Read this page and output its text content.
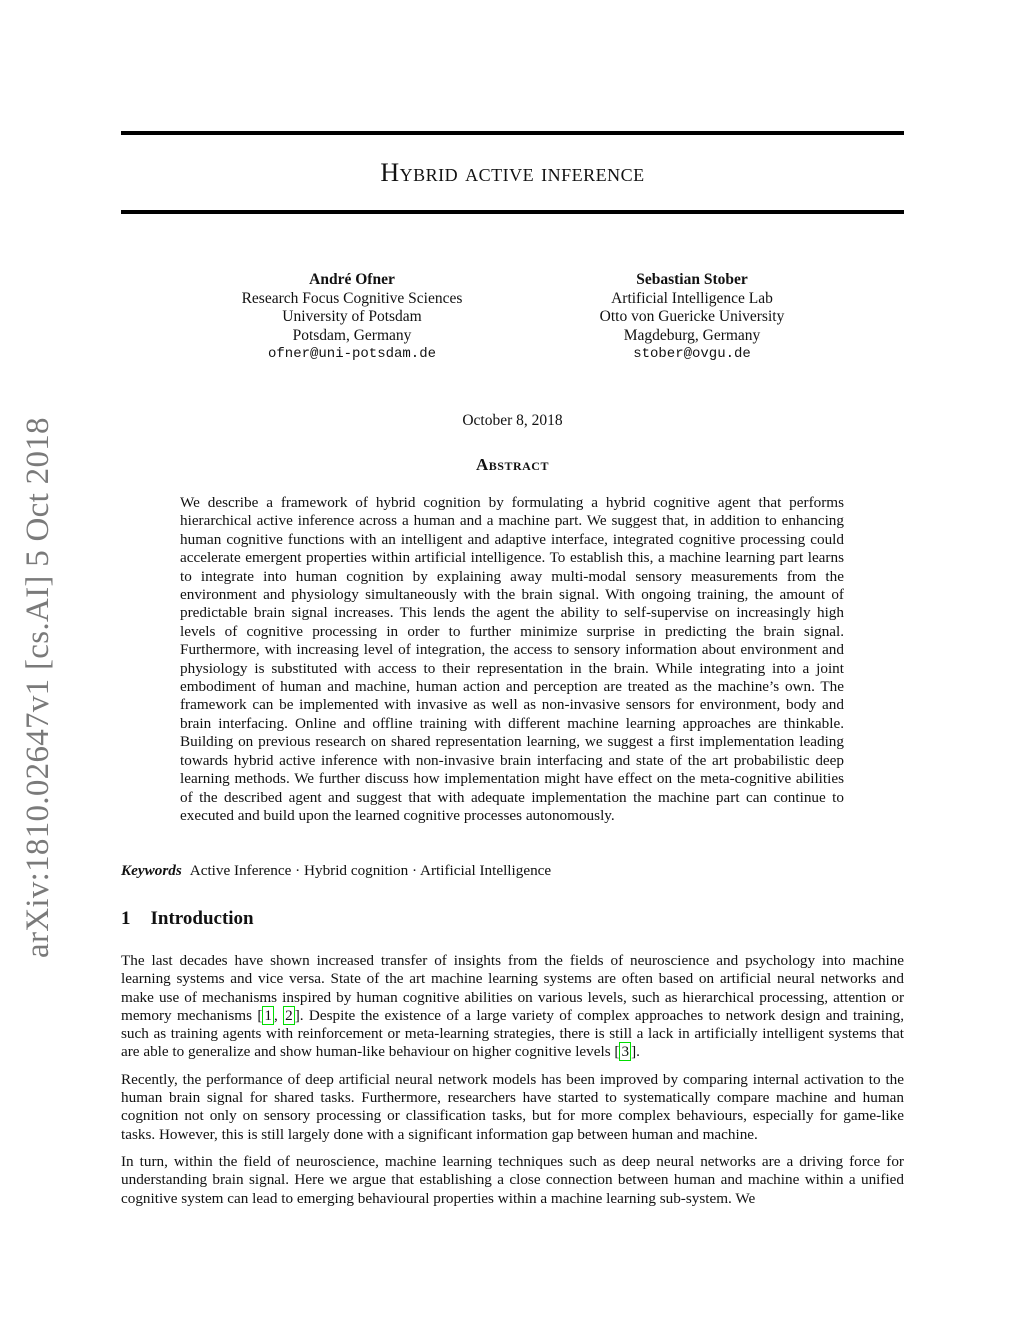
arXiv:1810.02647v1 [cs.AI] 5 Oct 2018
Hybrid active inference
André Ofner
Research Focus Cognitive Sciences
University of Potsdam
Potsdam, Germany
ofner@uni-potsdam.de
Sebastian Stober
Artificial Intelligence Lab
Otto von Guericke University
Magdeburg, Germany
stober@ovgu.de
October 8, 2018
Abstract
We describe a framework of hybrid cognition by formulating a hybrid cognitive agent that performs hierarchical active inference across a human and a machine part. We suggest that, in addition to enhancing human cognitive functions with an intelligent and adaptive interface, integrated cognitive processing could accelerate emergent properties within artificial intelligence. To establish this, a machine learning part learns to integrate into human cognition by explaining away multi-modal sensory measurements from the environment and physiology simultaneously with the brain signal. With ongoing training, the amount of predictable brain signal increases. This lends the agent the ability to self-supervise on increasingly high levels of cognitive processing in order to further minimize surprise in predicting the brain signal. Furthermore, with increasing level of integration, the access to sensory information about environment and physiology is substituted with access to their representation in the brain. While integrating into a joint embodiment of human and machine, human action and perception are treated as the machine’s own. The framework can be implemented with invasive as well as non-invasive sensors for environment, body and brain interfacing. Online and offline training with different machine learning approaches are thinkable. Building on previous research on shared representation learning, we suggest a first implementation leading towards hybrid active inference with non-invasive brain interfacing and state of the art probabilistic deep learning methods. We further discuss how implementation might have effect on the meta-cognitive abilities of the described agent and suggest that with adequate implementation the machine part can continue to executed and build upon the learned cognitive processes autonomously.
Keywords Active Inference · Hybrid cognition · Artificial Intelligence
1 Introduction

The last decades have shown increased transfer of insights from the fields of neuroscience and psychology into machine learning systems and vice versa. State of the art machine learning systems are often based on artificial neural networks and make use of mechanisms inspired by human cognitive abilities on various levels, such as hierarchical processing, attention or memory mechanisms [ 1 , 2 ]. Despite the existence of a large variety of complex approaches to network design and training, such as training agents with reinforcement or meta-learning strategies, there is still a lack in artificially intelligent systems that are able to generalize and show human-like behaviour on higher cognitive levels [ 3 ].

Recently, the performance of deep artificial neural network models has been improved by comparing internal activation to the human brain signal for shared tasks. Furthermore, researchers have started to systematically compare machine and human cognition not only on sensory processing or classification tasks, but for more complex behaviours, especially for game-like tasks. However, this is still largely done with a significant information gap between human and machine.

In turn, within the field of neuroscience, machine learning techniques such as deep neural networks are a driving force for understanding brain signal. Here we argue that establishing a close connection between human and machine within a unified cognitive system can lead to emerging behavioural properties within a machine learning sub-system. We
